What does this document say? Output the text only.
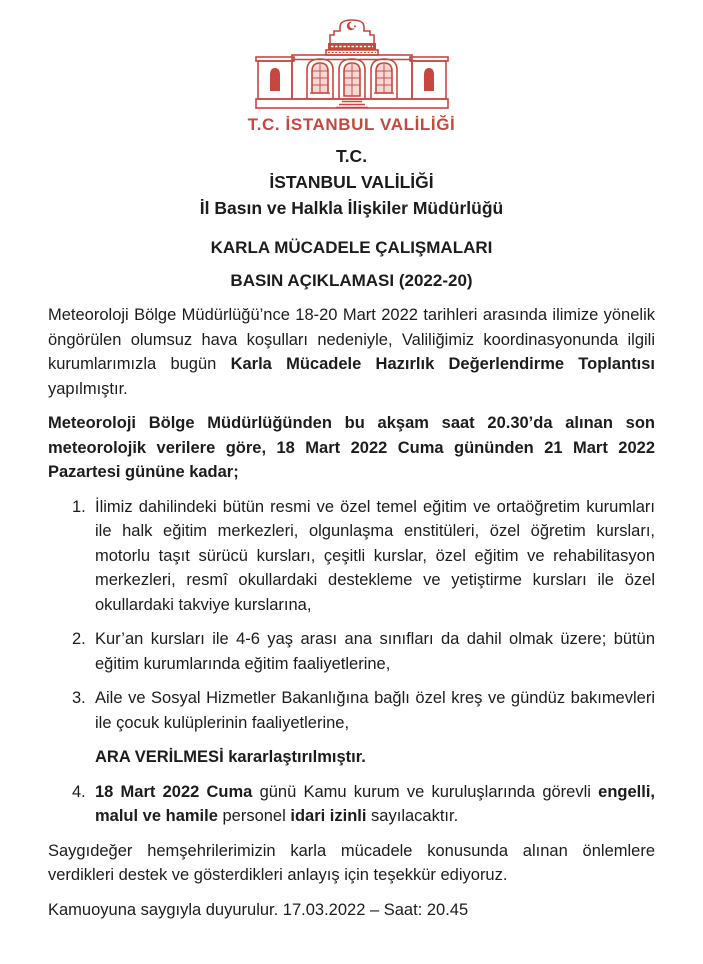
T.C. İSTANBUL VALİLİĞİ
T.C.
İSTANBUL VALİLİĞİ
İl Basın ve Halkla İlişkiler Müdürlüğü
KARLA MÜCADELE ÇALIŞMALARI
BASIN AÇIKLAMASI (2022-20)

Meteoroloji Bölge Müdürlüğü’nce 18-20 Mart 2022 tarihleri arasında ilimize yönelik öngörülen olumsuz hava koşulları nedeniyle, Valiliğimiz koordinasyonunda ilgili kurumlarımızla bugün Karla Mücadele Hazırlık Değerlendirme Toplantısı yapılmıştır.

Meteoroloji Bölge Müdürlüğünden bu akşam saat 20.30’da alınan son meteorolojik verilere göre, 18 Mart 2022 Cuma gününden 21 Mart 2022 Pazartesi gününe kadar;

1. İlimiz dahilindeki bütün resmi ve özel temel eğitim ve ortaöğretim kurumları ile halk eğitim merkezleri, olgunlaşma enstitüleri, özel öğretim kursları, motorlu taşıt sürücü kursları, çeşitli kurslar, özel eğitim ve rehabilitasyon merkezleri, resmî okullardaki destekleme ve yetiştirme kursları ile özel okullardaki takviye kurslarına,
2. Kur’an kursları ile 4-6 yaş arası ana sınıfları da dahil olmak üzere; bütün eğitim kurumlarında eğitim faaliyetlerine,
3. Aile ve Sosyal Hizmetler Bakanlığına bağlı özel kreş ve gündüz bakımevleri ile çocuk kulüplerinin faaliyetlerine,
ARA VERİLMESİ kararlaştırılmıştır.
4. 18 Mart 2022 Cuma günü Kamu kurum ve kuruluşlarında görevli engelli, malul ve hamile personel idari izinli sayılacaktır.

Saygıdeğer hemşehrilerimizin karla mücadele konusunda alınan önlemlere verdikleri destek ve gösterdikleri anlayış için teşekkür ediyoruz.

Kamuoyuna saygıyla duyurulur. 17.03.2022 – Saat: 20.45
